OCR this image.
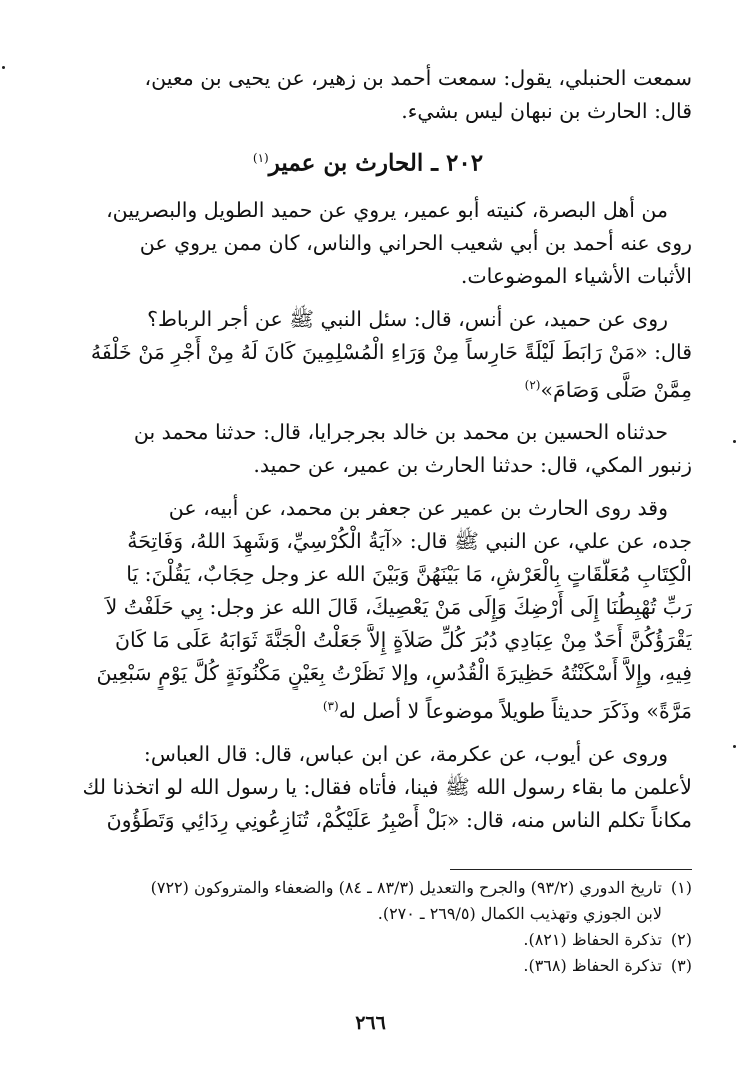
سمعت الحنبلي، يقول: سمعت أحمد بن زهير، عن يحيى بن معين،
قال: الحارث بن نبهان ليس بشيء.
٢٠٢ ـ الحارث بن عمير$^{(١)}$
من أهل البصرة، كنيته أبو عمير، يروي عن حميد الطويل والبصريين،
روى عنه أحمد بن أبي شعيب الحراني والناس، كان ممن يروي عن
الأثبات الأشياء الموضوعات.
روى عن حميد، عن أنس، قال: سئل النبي ﷺ عن أجر الرباط؟
قال: «مَنْ رَابَطَ لَيْلَةً حَارِساً مِنْ وَرَاءِ الْمُسْلِمِينَ كَانَ لَهُ مِنْ أَجْرِ مَنْ خَلْفَهُ
مِمَّنْ صَلَّى وَصَامَ»$^{(٢)}$
حدثناه الحسين بن محمد بن خالد بجرجرايا، قال: حدثنا محمد بن
زنبور المكي، قال: حدثنا الحارث بن عمير، عن حميد.
وقد روى الحارث بن عمير عن جعفر بن محمد، عن أبيه، عن
جده، عن علي، عن النبي ﷺ قال: «آيَةُ الْكُرْسِيِّ، وَشَهِدَ اللهُ، وَفَاتِحَةُ
الْكِتَابِ مُعَلَّقَاتٍ بِالْعَرْشِ، مَا بَيْنَهُنَّ وَبَيْنَ الله عز وجل حِجَابٌ، يَقُلْنَ: يَا
رَبِّ تُهْبِطُنَا إِلَى أَرْضِكَ وَإِلَى مَنْ يَعْصِيكَ، قَالَ الله عز وجل: بِي حَلَفْتُ لاَ
يَقْرَؤُكُنَّ أَحَدٌ مِنْ عِبَادِي دُبُرَ كُلِّ صَلاَةٍ إِلاَّ جَعَلْتُ الْجَنَّةَ ثَوَابَهُ عَلَى مَا كَانَ
فِيهِ، وإِلاَّ أَسْكَنْتُهُ حَظِيرَةَ الْقُدُسِ، وإلا نَظَرْتُ بِعَيْنٍ مَكْنُونَةٍ كُلَّ يَوْمٍ سَبْعِينَ
مَرَّةً» وذَكَرَ حديثاً طويلاً موضوعاً لا أصل له$^{(٣)}$
وروى عن أيوب، عن عكرمة، عن ابن عباس، قال: قال العباس:
لأعلمن ما بقاء رسول الله ﷺ فينا، فأتاه فقال: يا رسول الله لو اتخذنا لك
مكاناً تكلم الناس منه، قال: «بَلْ أَصْبِرُ عَلَيْكُمْ، تُنَازِعُونِي رِدَائِي وَتَطَؤُونَ
(١)تاريخ الدوري (٩٣/٢) والجرح والتعديل (٨٣/٣ ـ ٨٤) والضعفاء والمتروكون (٧٢٢)
لابن الجوزي وتهذيب الكمال (٢٦٩/٥ ـ ٢٧٠).
(٢)تذكرة الحفاظ (٨٢١).
(٣)تذكرة الحفاظ (٣٦٨).
٢٦٦
